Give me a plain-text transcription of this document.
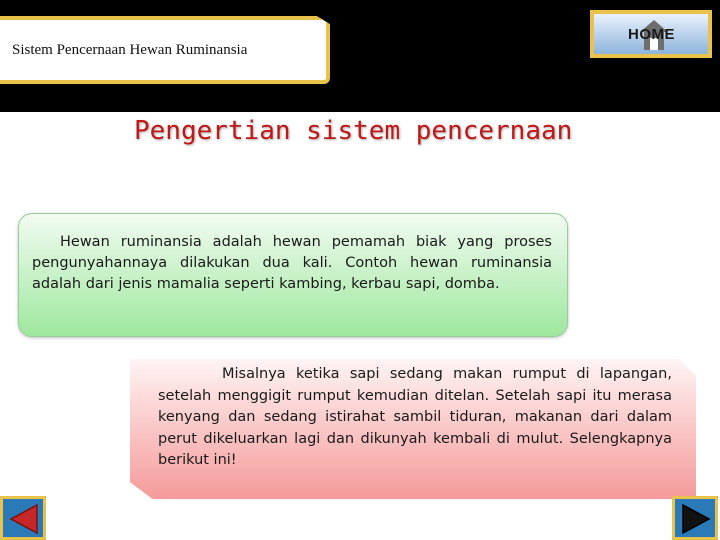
Sistem Pencernaan Hewan Ruminansia
HOME
Pengertian sistem pencernaan
Hewan ruminansia adalah hewan pemamah biak yang proses pengunyahannaya dilakukan dua kali. Contoh hewan ruminansia adalah dari jenis mamalia seperti kambing, kerbau sapi, domba.
Misalnya ketika sapi sedang makan rumput di lapangan, setelah menggigit rumput kemudian ditelan. Setelah sapi itu merasa kenyang dan sedang istirahat sambil tiduran, makanan dari dalam perut dikeluarkan lagi dan dikunyah kembali di mulut. Selengkapnya berikut ini!
